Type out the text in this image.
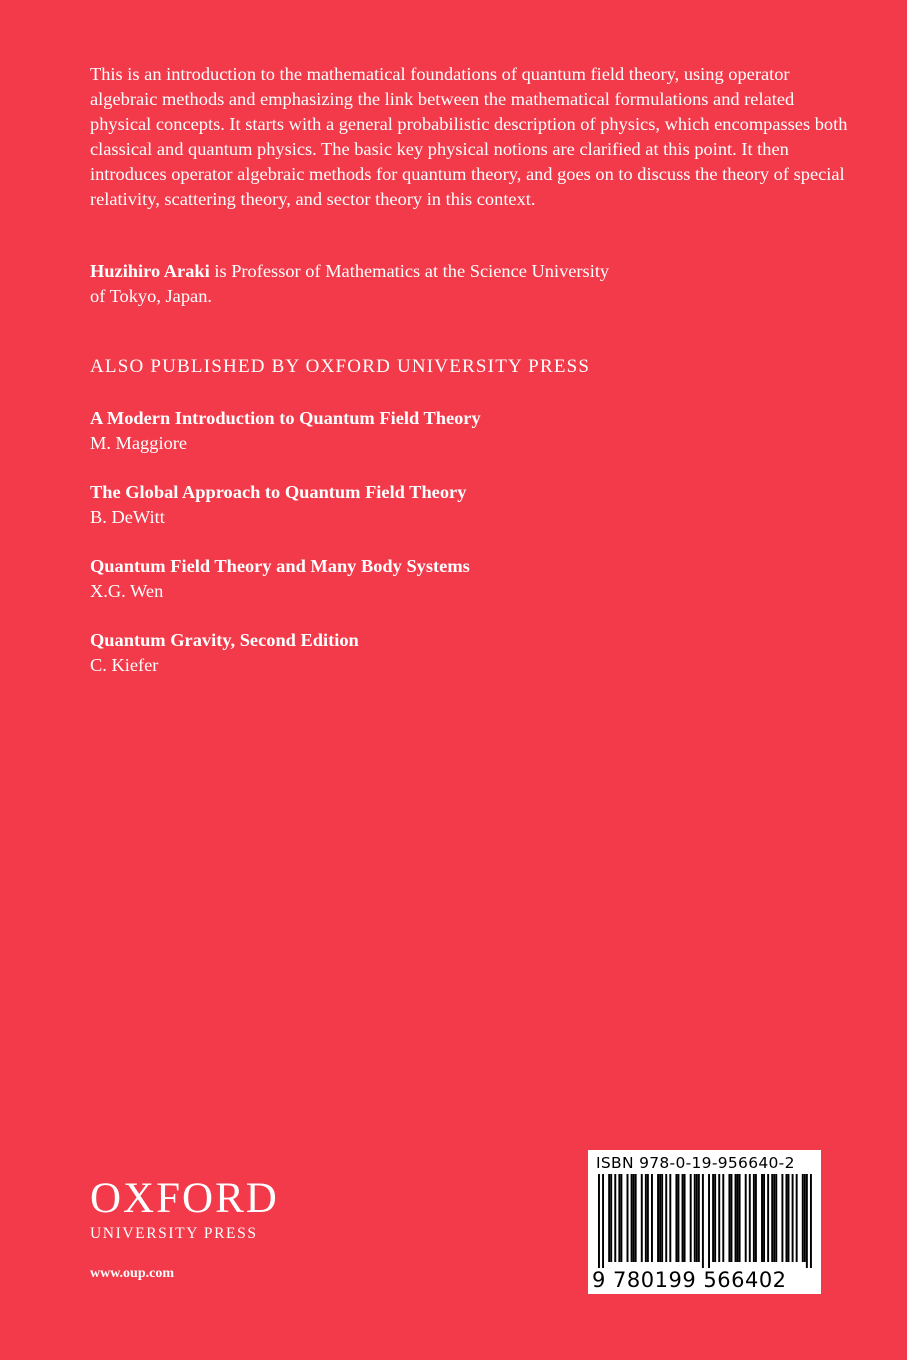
This is an introduction to the mathematical foundations of quantum field theory, using operator algebraic methods and emphasizing the link between the mathematical formulations and related physical concepts. It starts with a general probabilistic description of physics, which encompasses both classical and quantum physics. The basic key physical notions are clarified at this point. It then introduces operator algebraic methods for quantum theory, and goes on to discuss the theory of special relativity, scattering theory, and sector theory in this context.

Huzihiro Araki is Professor of Mathematics at the Science University
of Tokyo, Japan.

ALSO PUBLISHED BY OXFORD UNIVERSITY PRESS
A Modern Introduction to Quantum Field Theory
M. Maggiore
The Global Approach to Quantum Field Theory
B. DeWitt
Quantum Field Theory and Many Body Systems
X.G. Wen
Quantum Gravity, Second Edition
C. Kiefer
OXFORD
UNIVERSITY PRESS
www.oup.com
ISBN 978-0-19-956640-2
9 780199 566402
